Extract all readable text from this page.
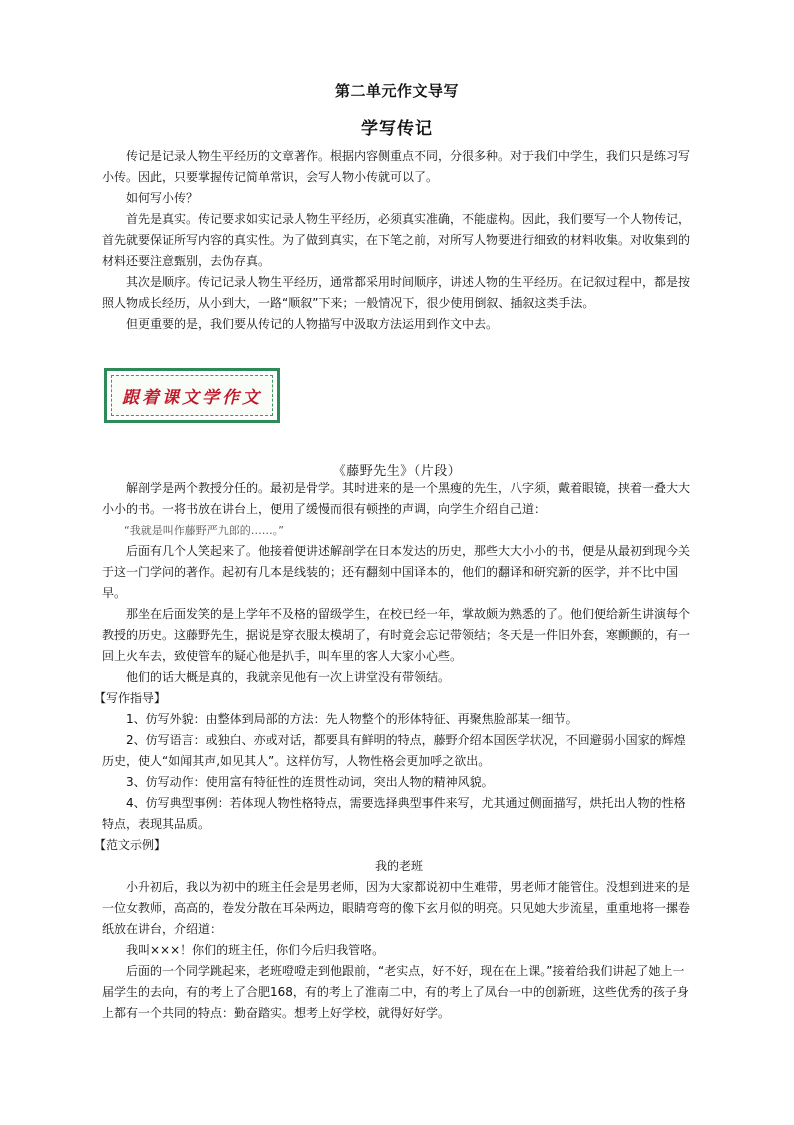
第二单元作文导写
学写传记

传记是记录人物生平经历的文章著作。根据内容侧重点不同，分很多种。对于我们中学生，我们只是练习写小传。因此，只要掌握传记简单常识，会写人物小传就可以了。

如何写小传？

首先是真实。传记要求如实记录人物生平经历，必须真实准确，不能虚构。因此，我们要写一个人物传记，首先就要保证所写内容的真实性。为了做到真实，在下笔之前，对所写人物要进行细致的材料收集。对收集到的材料还要注意甄别，去伪存真。

其次是顺序。传记记录人物生平经历，通常都采用时间顺序，讲述人物的生平经历。在记叙过程中，都是按照人物成长经历，从小到大，一路“顺叙”下来；一般情况下，很少使用倒叙、插叙这类手法。

但更重要的是，我们要从传记的人物描写中汲取方法运用到作文中去。

跟着课文学作文
《藤野先生》（片段）

解剖学是两个教授分任的。最初是骨学。其时进来的是一个黑瘦的先生，八字须，戴着眼镜，挟着一叠大大小小的书。一将书放在讲台上，便用了缓慢而很有顿挫的声调，向学生介绍自己道：

“我就是叫作藤野严九郎的……。”

后面有几个人笑起来了。他接着便讲述解剖学在日本发达的历史，那些大大小小的书，便是从最初到现今关于这一门学问的著作。起初有几本是线装的；还有翻刻中国译本的，他们的翻译和研究新的医学，并不比中国早。

那坐在后面发笑的是上学年不及格的留级学生，在校已经一年，掌故颇为熟悉的了。他们便给新生讲演每个教授的历史。这藤野先生，据说是穿衣服太模胡了，有时竟会忘记带领结；冬天是一件旧外套，寒颤颤的，有一回上火车去，致使管车的疑心他是扒手，叫车里的客人大家小心些。

他们的话大概是真的，我就亲见他有一次上讲堂没有带领结。

【写作指导】

1、仿写外貌：由整体到局部的方法：先人物整个的形体特征、再聚焦脸部某一细节。

2、仿写语言：或独白、亦或对话，都要具有鲜明的特点，藤野介绍本国医学状况，不回避弱小国家的辉煌历史，使人“如闻其声,如见其人”。这样仿写，人物性格会更加呼之欲出。

3、仿写动作：使用富有特征性的连贯性动词，突出人物的精神风貌。

4、仿写典型事例：若体现人物性格特点，需要选择典型事件来写，尤其通过侧面描写，烘托出人物的性格特点，表现其品质。

【范文示例】

我的老班

小升初后，我以为初中的班主任会是男老师，因为大家都说初中生难带，男老师才能管住。没想到进来的是一位女教师，高高的，卷发分散在耳朵两边，眼睛弯弯的像下玄月似的明亮。只见她大步流星，重重地将一摞卷纸放在讲台，介绍道：

我叫×××！你们的班主任，你们今后归我管咯。

后面的一个同学跳起来，老班噔噔走到他跟前，“老实点，好不好，现在在上课。”接着给我们讲起了她上一届学生的去向，有的考上了合肥168，有的考上了淮南二中，有的考上了凤台一中的创新班，这些优秀的孩子身上都有一个共同的特点：勤奋踏实。想考上好学校，就得好好学。
